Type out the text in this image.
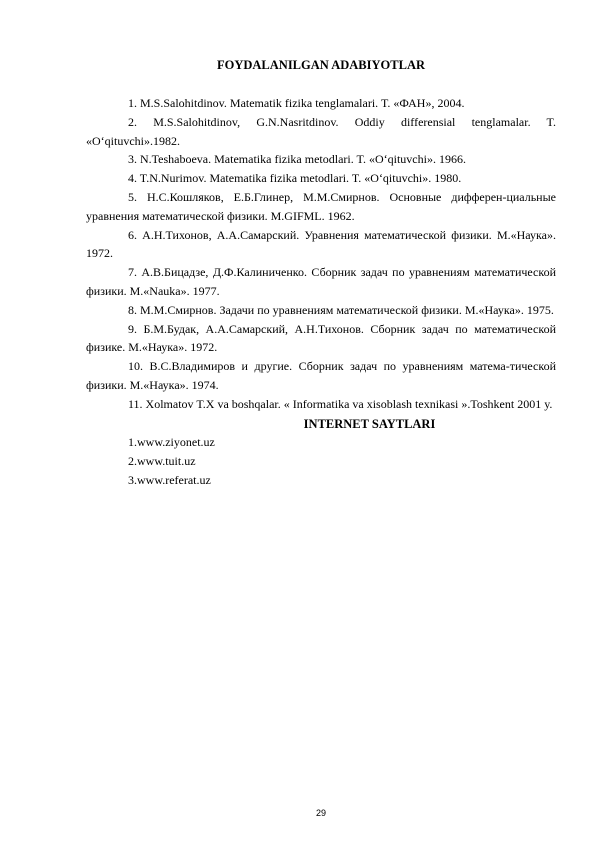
FOYDALANILGAN ADABIYOTLAR

1. M.S.Salohitdinov. Matematik fizika tenglamalari. T. «ФАН», 2004.

2. M.S.Salohitdinov, G.N.Nasritdinov. Oddiy differensial tenglamalar. T. «O‘qituvchi».1982.

3. N.Teshaboeva. Matematika fizika metodlari. T. «O‘qituvchi». 1966.

4. T.N.Nurimov. Matematika fizika metodlari. T. «O‘qituvchi». 1980.

5. Н.С.Кошляков, Е.Б.Глинер, М.М.Смирнов. Основные дифферен-циальные уравнения математической физики. M.GIFML. 1962.

6. А.Н.Тихонов, А.А.Самарский. Уравнения математической физики. М.«Наука». 1972.

7. А.В.Бицадзе, Д.Ф.Калиниченко. Сборник задач по уравнениям математической физики. M.«Nauka». 1977.

8. М.М.Смирнов. Задачи по уравнениям математической физики. М.«Наука». 1975.

9. Б.М.Будак, А.А.Самарский, А.Н.Тихонов. Сборник задач по математической физике. М.«Наука». 1972.

10. В.С.Владимиров и другие. Сборник задач по уравнениям матема-тической физики. М.«Наука». 1974.

11. Xolmatov T.X va boshqalar. « Informatika va xisoblash texnikasi ».Toshkent 2001 y.

INTERNET SAYTLARI

1.www.ziyonet.uz

2.www.tuit.uz

3.www.referat.uz

29
